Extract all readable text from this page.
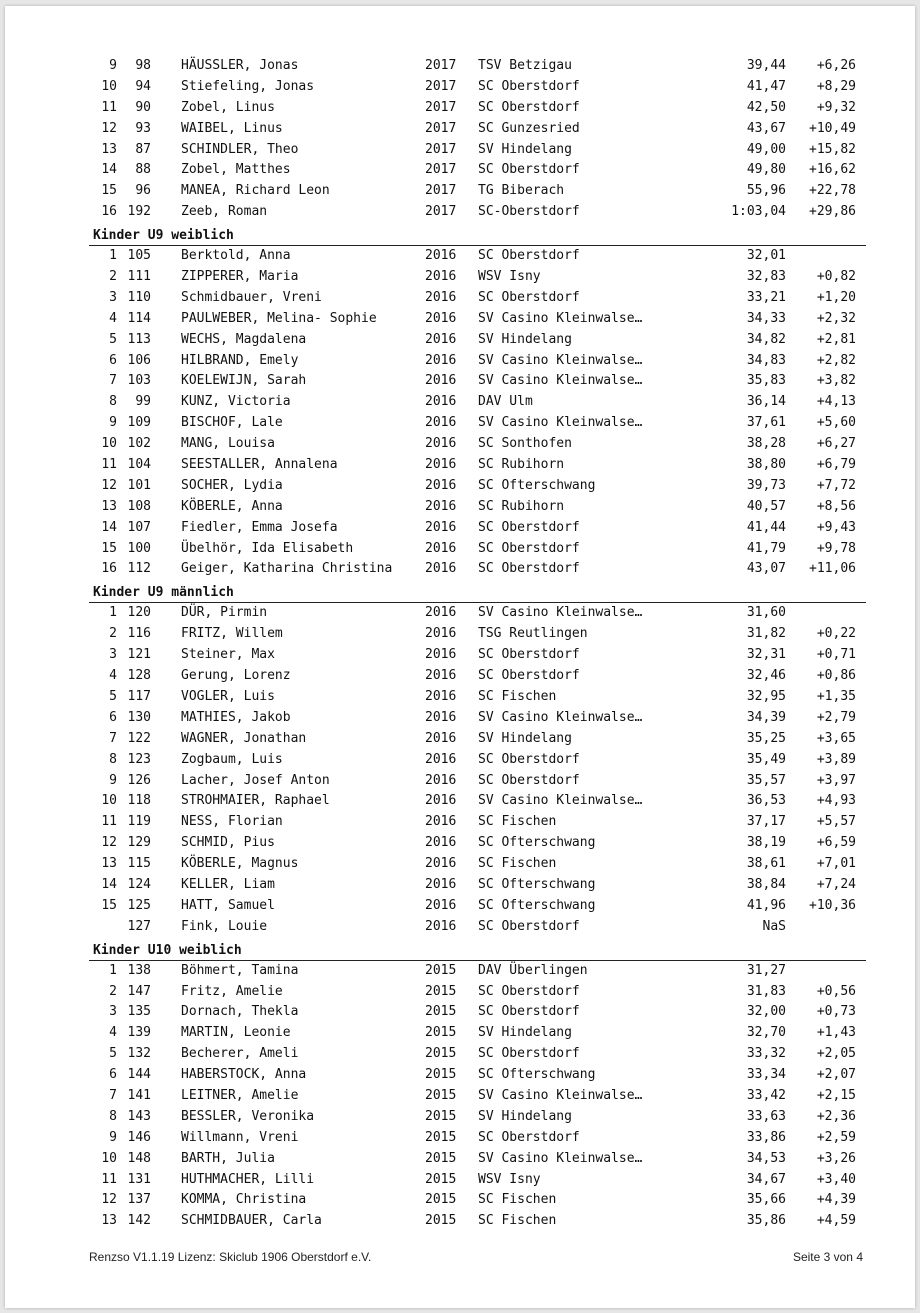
9	98 HÄUSSLER, Jonas	2017 TSV Betzigau	39,44	+6,26
10	94 Stiefeling, Jonas	2017 SC Oberstdorf	41,47	+8,29
11	90 Zobel, Linus	2017 SC Oberstdorf	42,50	+9,32
12	93 WAIBEL, Linus	2017 SC Gunzesried	43,67	+10,49
13	87 SCHINDLER, Theo	2017 SV Hindelang	49,00	+15,82
14	88 Zobel, Matthes	2017 SC Oberstdorf	49,80	+16,62
15	96 MANEA, Richard Leon	2017 TG Biberach	55,96	+22,78
16 192 Zeeb, Roman	2017 SC-Oberstdorf	1:03,04	+29,86
Kinder U9 weiblich
1 105 Berktold, Anna	2016 SC Oberstdorf	32,01
2 111 ZIPPERER, Maria	2016 WSV Isny	32,83	+0,82
3 110 Schmidbauer, Vreni	2016 SC Oberstdorf	33,21	+1,20
4 114 PAULWEBER, Melina- Sophie	2016 SV Casino Kleinwalse…	34,33	+2,32
5 113 WECHS, Magdalena	2016 SV Hindelang	34,82	+2,81
6 106 HILBRAND, Emely	2016 SV Casino Kleinwalse…	34,83	+2,82
7 103 KOELEWIJN, Sarah	2016 SV Casino Kleinwalse…	35,83	+3,82
8	99 KUNZ, Victoria	2016 DAV Ulm	36,14	+4,13
9 109 BISCHOF, Lale	2016 SV Casino Kleinwalse…	37,61	+5,60
10 102 MANG, Louisa	2016 SC Sonthofen	38,28	+6,27
11 104 SEESTALLER, Annalena	2016 SC Rubihorn	38,80	+6,79
12 101 SOCHER, Lydia	2016 SC Ofterschwang	39,73	+7,72
13 108 KÖBERLE, Anna	2016 SC Rubihorn	40,57	+8,56
14 107 Fiedler, Emma Josefa	2016 SC Oberstdorf	41,44	+9,43
15 100 Übelhör, Ida Elisabeth	2016 SC Oberstdorf	41,79	+9,78
16 112 Geiger, Katharina Christina	2016 SC Oberstdorf	43,07	+11,06
Kinder U9 männlich
1 120 DÜR, Pirmin	2016 SV Casino Kleinwalse…	31,60
2 116 FRITZ, Willem	2016 TSG Reutlingen	31,82	+0,22
3 121 Steiner, Max	2016 SC Oberstdorf	32,31	+0,71
4 128 Gerung, Lorenz	2016 SC Oberstdorf	32,46	+0,86
5 117 VOGLER, Luis	2016 SC Fischen	32,95	+1,35
6 130 MATHIES, Jakob	2016 SV Casino Kleinwalse…	34,39	+2,79
7 122 WAGNER, Jonathan	2016 SV Hindelang	35,25	+3,65
8 123 Zogbaum, Luis	2016 SC Oberstdorf	35,49	+3,89
9 126 Lacher, Josef Anton	2016 SC Oberstdorf	35,57	+3,97
10 118 STROHMAIER, Raphael	2016 SV Casino Kleinwalse…	36,53	+4,93
11 119 NESS, Florian	2016 SC Fischen	37,17	+5,57
12 129 SCHMID, Pius	2016 SC Ofterschwang	38,19	+6,59
13 115 KÖBERLE, Magnus	2016 SC Fischen	38,61	+7,01
14 124 KELLER, Liam	2016 SC Ofterschwang	38,84	+7,24
15 125 HATT, Samuel	2016 SC Ofterschwang	41,96	+10,36
127 Fink, Louie	2016 SC Oberstdorf	NaS
Kinder U10 weiblich
1 138 Böhmert, Tamina	2015 DAV Überlingen	31,27
2 147 Fritz, Amelie	2015 SC Oberstdorf	31,83	+0,56
3 135 Dornach, Thekla	2015 SC Oberstdorf	32,00	+0,73
4 139 MARTIN, Leonie	2015 SV Hindelang	32,70	+1,43
5 132 Becherer, Ameli	2015 SC Oberstdorf	33,32	+2,05
6 144 HABERSTOCK, Anna	2015 SC Ofterschwang	33,34	+2,07
7 141 LEITNER, Amelie	2015 SV Casino Kleinwalse…	33,42	+2,15
8 143 BESSLER, Veronika	2015 SV Hindelang	33,63	+2,36
9 146 Willmann, Vreni	2015 SC Oberstdorf	33,86	+2,59
10 148 BARTH, Julia	2015 SV Casino Kleinwalse…	34,53	+3,26
11 131 HUTHMACHER, Lilli	2015 WSV Isny	34,67	+3,40
12 137 KOMMA, Christina	2015 SC Fischen	35,66	+4,39
13 142 SCHMIDBAUER, Carla	2015 SC Fischen	35,86	+4,59
Renzso V1.1.19 Lizenz: Skiclub 1906 Oberstdorf e.V.	Seite 3 von 4
